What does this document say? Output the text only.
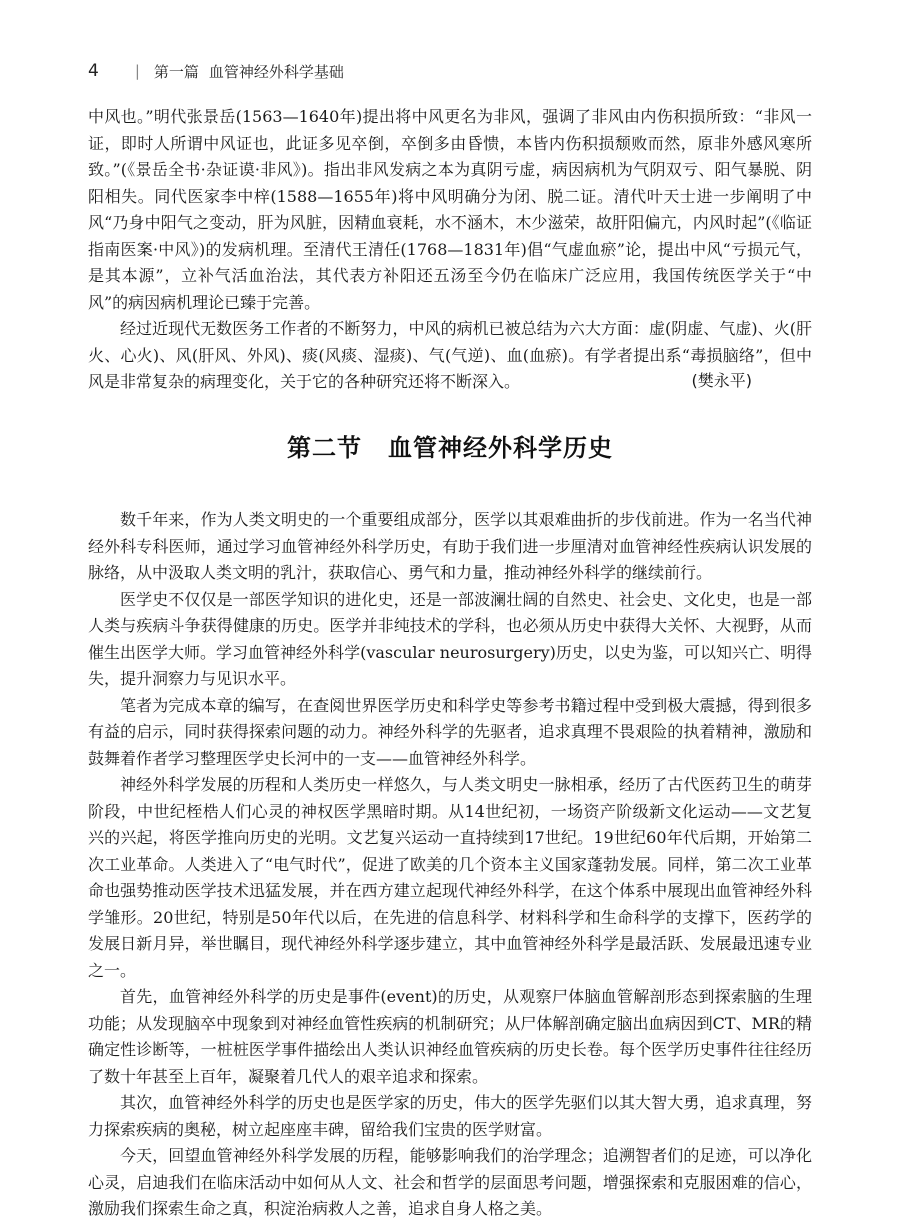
4 | 第一篇 血管神经外科学基础

中风也。”明代张景岳(1563—1640年)提出将中风更名为非风，强调了非风由内伤积损所致：“非风一证，即时人所谓中风证也，此证多见卒倒，卒倒多由昏愦，本皆内伤积损颓败而然，原非外感风寒所致。”(《景岳全书·杂证谟·非风》)。指出非风发病之本为真阴亏虚，病因病机为气阴双亏、阳气暴脱、阴阳相失。同代医家李中梓(1588—1655年)将中风明确分为闭、脱二证。清代叶天士进一步阐明了中风“乃身中阳气之变动，肝为风脏，因精血衰耗，水不涵木，木少滋荣，故肝阳偏亢，内风时起”(《临证指南医案·中风》)的发病机理。至清代王清任(1768—1831年)倡“气虚血瘀”论，提出中风“亏损元气，是其本源”，立补气活血治法，其代表方补阳还五汤至今仍在临床广泛应用，我国传统医学关于“中风”的病因病机理论已臻于完善。

经过近现代无数医务工作者的不断努力，中风的病机已被总结为六大方面：虚(阴虚、气虚)、火(肝火、心火)、风(肝风、外风)、痰(风痰、湿痰)、气(气逆)、血(血瘀)。有学者提出系“毒损脑络”，但中风是非常复杂的病理变化，关于它的各种研究还将不断深入。	(樊永平)
第二节 血管神经外科学历史

数千年来，作为人类文明史的一个重要组成部分，医学以其艰难曲折的步伐前进。作为一名当代神经外科专科医师，通过学习血管神经外科学历史，有助于我们进一步厘清对血管神经性疾病认识发展的脉络，从中汲取人类文明的乳汁，获取信心、勇气和力量，推动神经外科学的继续前行。

医学史不仅仅是一部医学知识的进化史，还是一部波澜壮阔的自然史、社会史、文化史，也是一部人类与疾病斗争获得健康的历史。医学并非纯技术的学科，也必须从历史中获得大关怀、大视野，从而催生出医学大师。学习血管神经外科学(vascular neurosurgery)历史，以史为鉴，可以知兴亡、明得失，提升洞察力与见识水平。

笔者为完成本章的编写，在查阅世界医学历史和科学史等参考书籍过程中受到极大震撼，得到很多有益的启示，同时获得探索问题的动力。神经外科学的先驱者，追求真理不畏艰险的执着精神，激励和鼓舞着作者学习整理医学史长河中的一支——血管神经外科学。

神经外科学发展的历程和人类历史一样悠久，与人类文明史一脉相承，经历了古代医药卫生的萌芽阶段，中世纪桎梏人们心灵的神权医学黑暗时期。从14世纪初，一场资产阶级新文化运动——文艺复兴的兴起，将医学推向历史的光明。文艺复兴运动一直持续到17世纪。19世纪60年代后期，开始第二次工业革命。人类进入了“电气时代”，促进了欧美的几个资本主义国家蓬勃发展。同样，第二次工业革命也强势推动医学技术迅猛发展，并在西方建立起现代神经外科学，在这个体系中展现出血管神经外科学雏形。20世纪，特别是50年代以后，在先进的信息科学、材料科学和生命科学的支撑下，医药学的发展日新月异，举世瞩目，现代神经外科学逐步建立，其中血管神经外科学是最活跃、发展最迅速专业之一。

首先，血管神经外科学的历史是事件(event)的历史，从观察尸体脑血管解剖形态到探索脑的生理功能；从发现脑卒中现象到对神经血管性疾病的机制研究；从尸体解剖确定脑出血病因到CT、MR的精确定性诊断等，一桩桩医学事件描绘出人类认识神经血管疾病的历史长卷。每个医学历史事件往往经历了数十年甚至上百年，凝聚着几代人的艰辛追求和探索。

其次，血管神经外科学的历史也是医学家的历史，伟大的医学先驱们以其大智大勇，追求真理，努力探索疾病的奥秘，树立起座座丰碑，留给我们宝贵的医学财富。

今天，回望血管神经外科学发展的历程，能够影响我们的治学理念；追溯智者们的足迹，可以净化心灵，启迪我们在临床活动中如何从人文、社会和哲学的层面思考问题，增强探索和克服困难的信心，激励我们探索生命之真，积淀治病救人之善，追求自身人格之美。
